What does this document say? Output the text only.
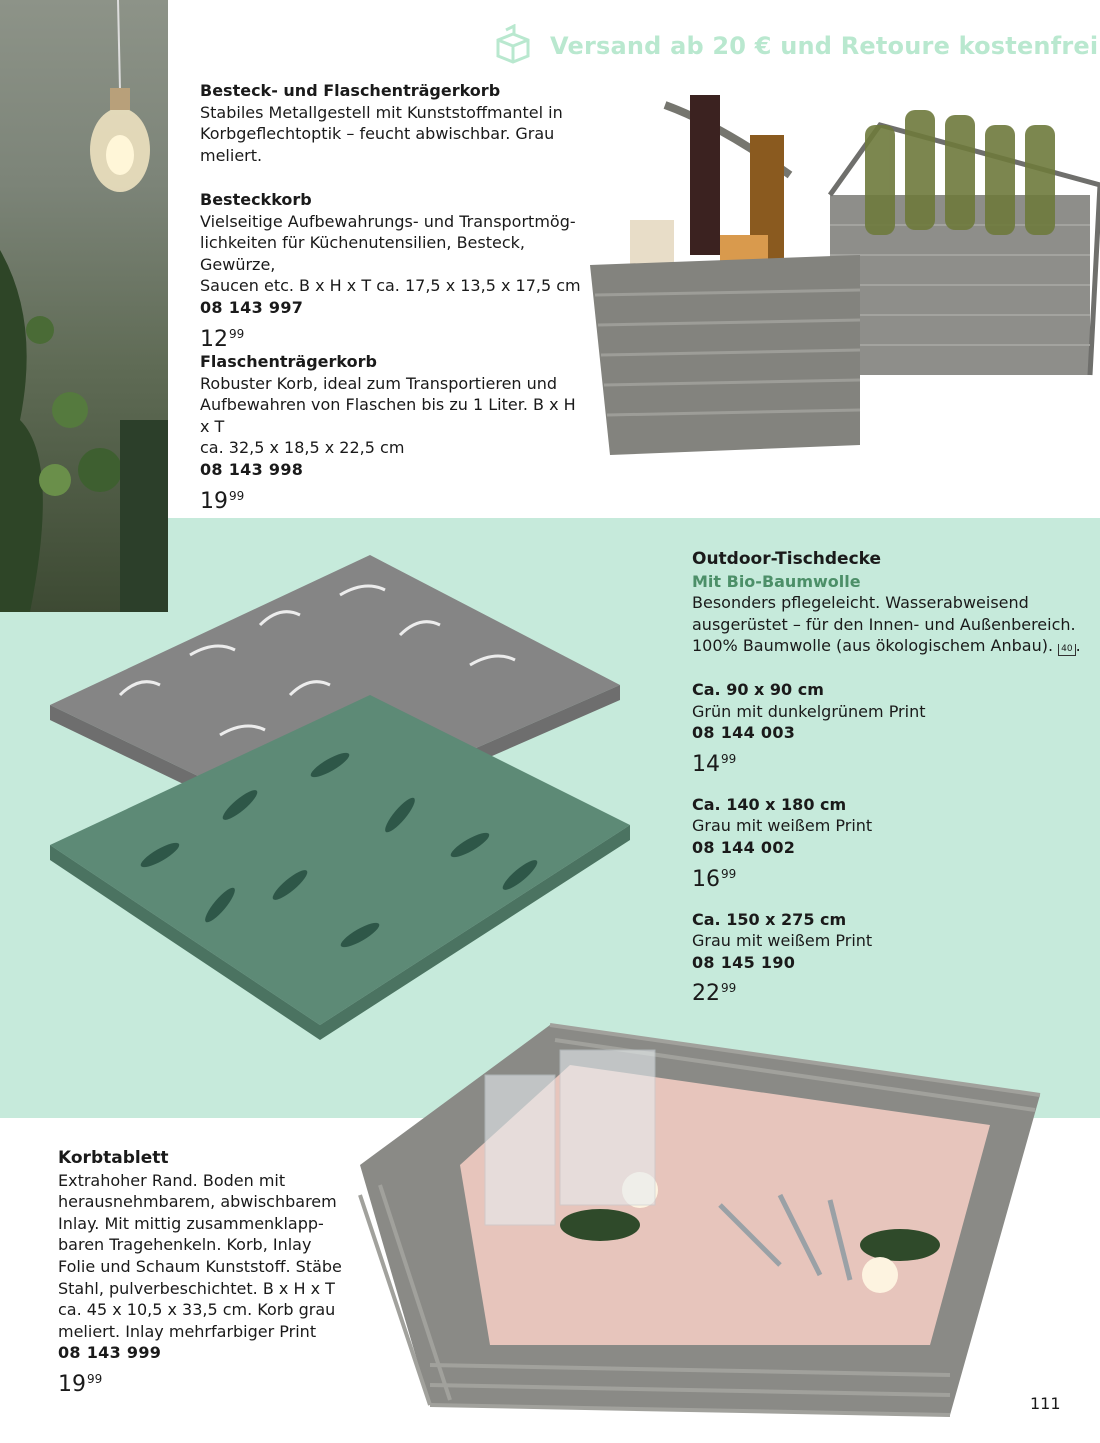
Versand ab 20 € und Retoure kostenfrei

Besteck- und Flaschenträgerkorb

Stabiles Metallgestell mit Kunststoffmantel in

Korbgeflechtoptik – feucht abwischbar. Grau

meliert.

Besteckkorb

Vielseitige Aufbewahrungs- und Transportmög-

lichkeiten für Küchenutensilien, Besteck, Gewürze,

Saucen etc. B x H x T ca. 17,5 x 13,5 x 17,5 cm

08 143 997

$12^{99}$

Flaschenträgerkorb

Robuster Korb, ideal zum Transportieren und

Aufbewahren von Flaschen bis zu 1 Liter. B x H x T

ca. 32,5 x 18,5 x 22,5 cm

08 143 998

$19^{99}$

Outdoor-Tischdecke

Mit Bio-Baumwolle

Besonders pflegeleicht. Wasserabweisend

ausgerüstet – für den Innen- und Außenbereich.

100% Baumwolle (aus ökologischem Anbau). 40 .

Ca. 90 x 90 cm

Grün mit dunkelgrünem Print

08 144 003

$14^{99}$

Ca. 140 x 180 cm

Grau mit weißem Print

08 144 002

$16^{99}$

Ca. 150 x 275 cm

Grau mit weißem Print

08 145 190

$22^{99}$

Korbtablett

Extrahoher Rand. Boden mit

herausnehmbarem, abwischbarem

Inlay. Mit mittig zusammenklapp-

baren Tragehenkeln. Korb, Inlay

Folie und Schaum Kunststoff. Stäbe

Stahl, pulverbeschichtet. B x H x T

ca. 45 x 10,5 x 33,5 cm. Korb grau

meliert. Inlay mehrfarbiger Print

08 143 999

$19^{99}$

111
